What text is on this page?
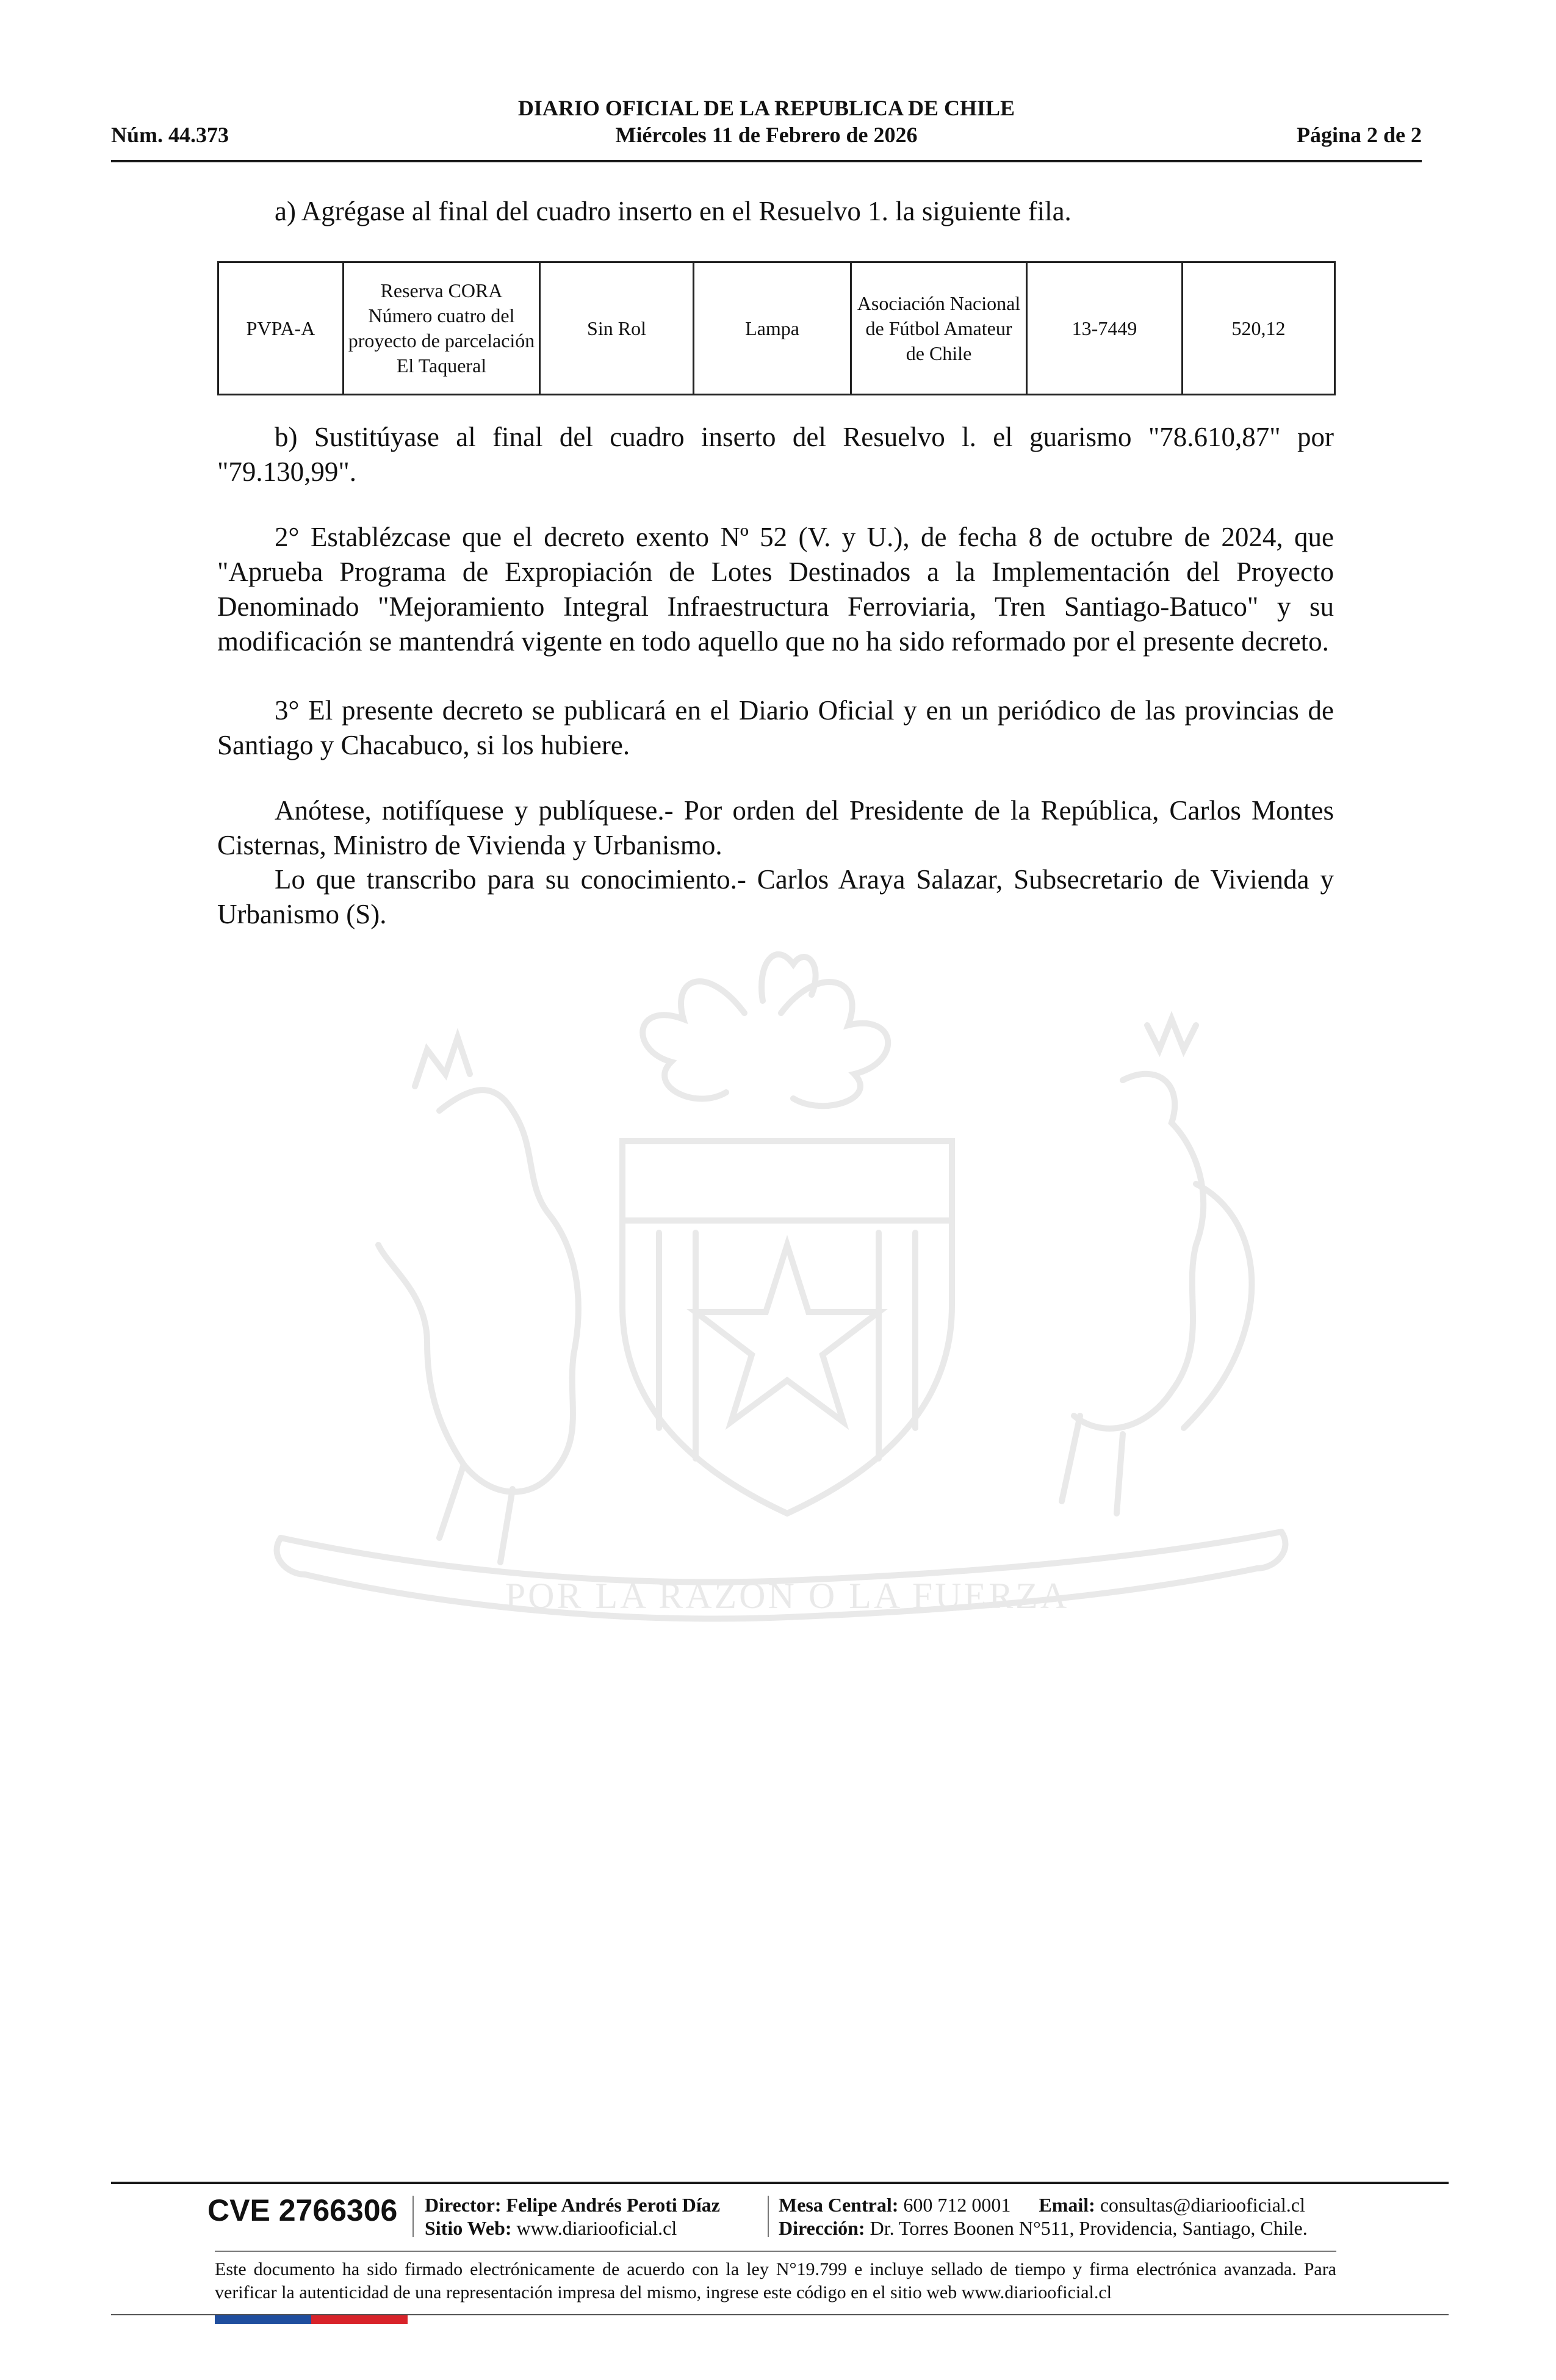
DIARIO OFICIAL DE LA REPUBLICA DE CHILE
Núm. 44.373	Miércoles 11 de Febrero de 2026	Página 2 de 2
a) Agrégase al final del cuadro inserto en el Resuelvo 1. la siguiente fila.
PVPA-A	Reserva CORA Número cuatro del proyecto de parcelación El Taqueral	Sin Rol	Lampa	Asociación Nacional de Fútbol Amateur de Chile	13-7449	520,12
b) Sustitúyase al final del cuadro inserto del Resuelvo l. el guarismo "78.610,87" por "79.130,99".
2° Establézcase que el decreto exento Nº 52 (V. y U.), de fecha 8 de octubre de 2024, que "Aprueba Programa de Expropiación de Lotes Destinados a la Implementación del Proyecto Denominado "Mejoramiento Integral Infraestructura Ferroviaria, Tren Santiago-Batuco" y su modificación se mantendrá vigente en todo aquello que no ha sido reformado por el presente decreto.
3° El presente decreto se publicará en el Diario Oficial y en un periódico de las provincias de Santiago y Chacabuco, si los hubiere.
Anótese, notifíquese y publíquese.- Por orden del Presidente de la República, Carlos Montes Cisternas, Ministro de Vivienda y Urbanismo.
Lo que transcribo para su conocimiento.- Carlos Araya Salazar, Subsecretario de Vivienda y Urbanismo (S).
POR LA RAZON O LA FUERZA
CVE 2766306 Director: Felipe Andrés Peroti Díaz
Sitio Web: www.diariooficial.cl
Mesa Central: 600 712 0001 Email: consultas@diariooficial.cl
Dirección: Dr. Torres Boonen N°511, Providencia, Santiago, Chile.
Este documento ha sido firmado electrónicamente de acuerdo con la ley N°19.799 e incluye sellado de tiempo y firma electrónica avanzada. Para verificar la autenticidad de una representación impresa del mismo, ingrese este código en el sitio web www.diariooficial.cl
